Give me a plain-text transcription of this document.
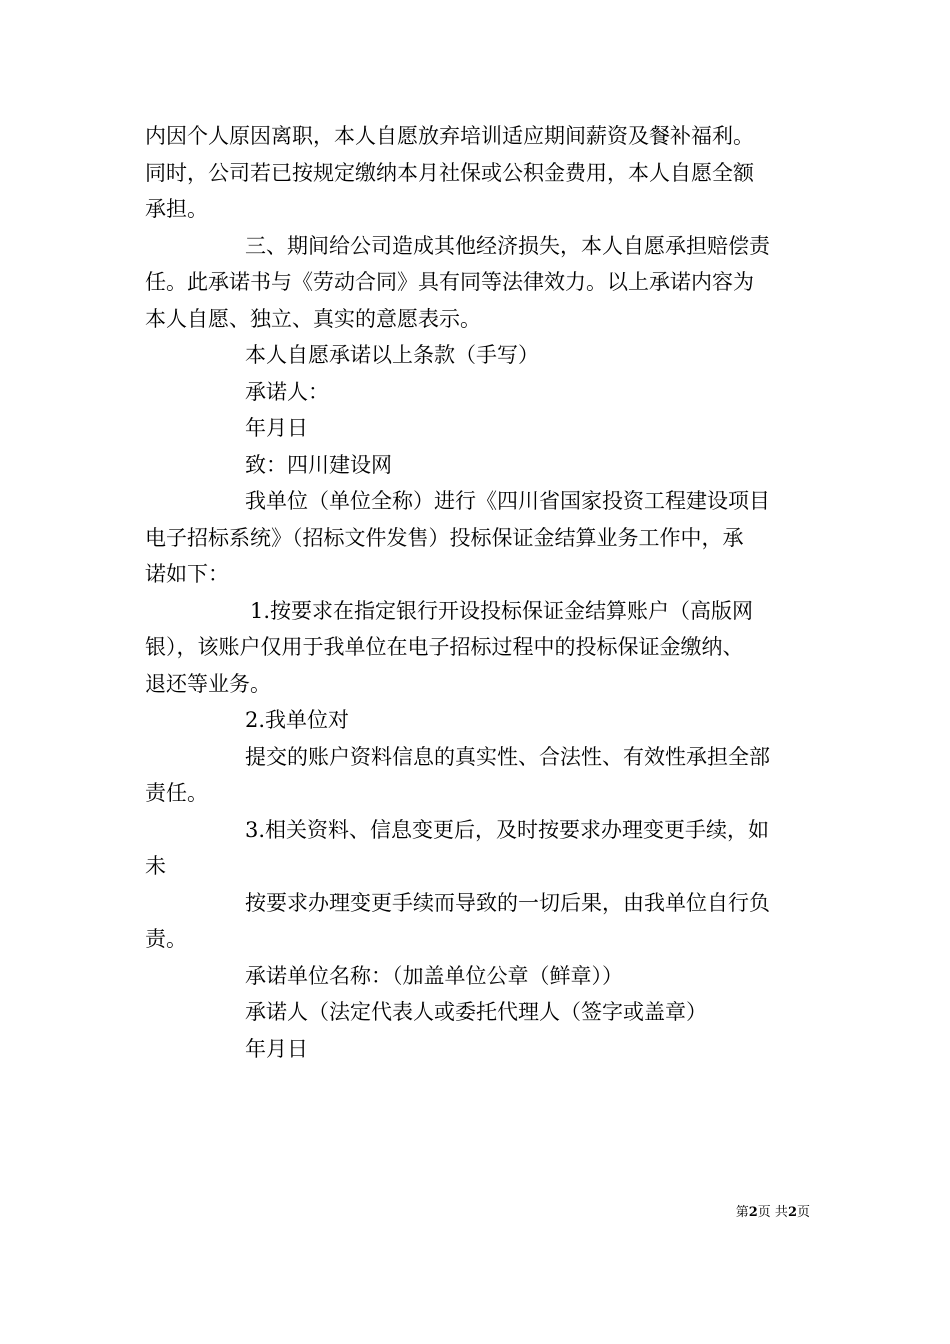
内因个人原因离职，本人自愿放弃培训适应期间薪资及餐补福利。
同时，公司若已按规定缴纳本月社保或公积金费用，本人自愿全额
承担。
三、期间给公司造成其他经济损失，本人自愿承担赔偿责
任。此承诺书与《劳动合同》具有同等法律效力。以上承诺内容为
本人自愿、独立、真实的意愿表示。
本人自愿承诺以上条款（手写）
承诺人：
年月日
致：四川建设网
我单位（单位全称）进行《四川省国家投资工程建设项目
电子招标系统》（招标文件发售）投标保证金结算业务工作中，承
诺如下：
1.按要求在指定银行开设投标保证金结算账户（高版网
银），该账户仅用于我单位在电子招标过程中的投标保证金缴纳、
退还等业务。
2.我单位对
提交的账户资料信息的真实性、合法性、有效性承担全部
责任。
3.相关资料、信息变更后，及时按要求办理变更手续，如
未
按要求办理变更手续而导致的一切后果，由我单位自行负
责。
承诺单位名称：（加盖单位公章（鲜章））
承诺人（法定代表人或委托代理人（签字或盖章）
年月日
第2页 共2页
